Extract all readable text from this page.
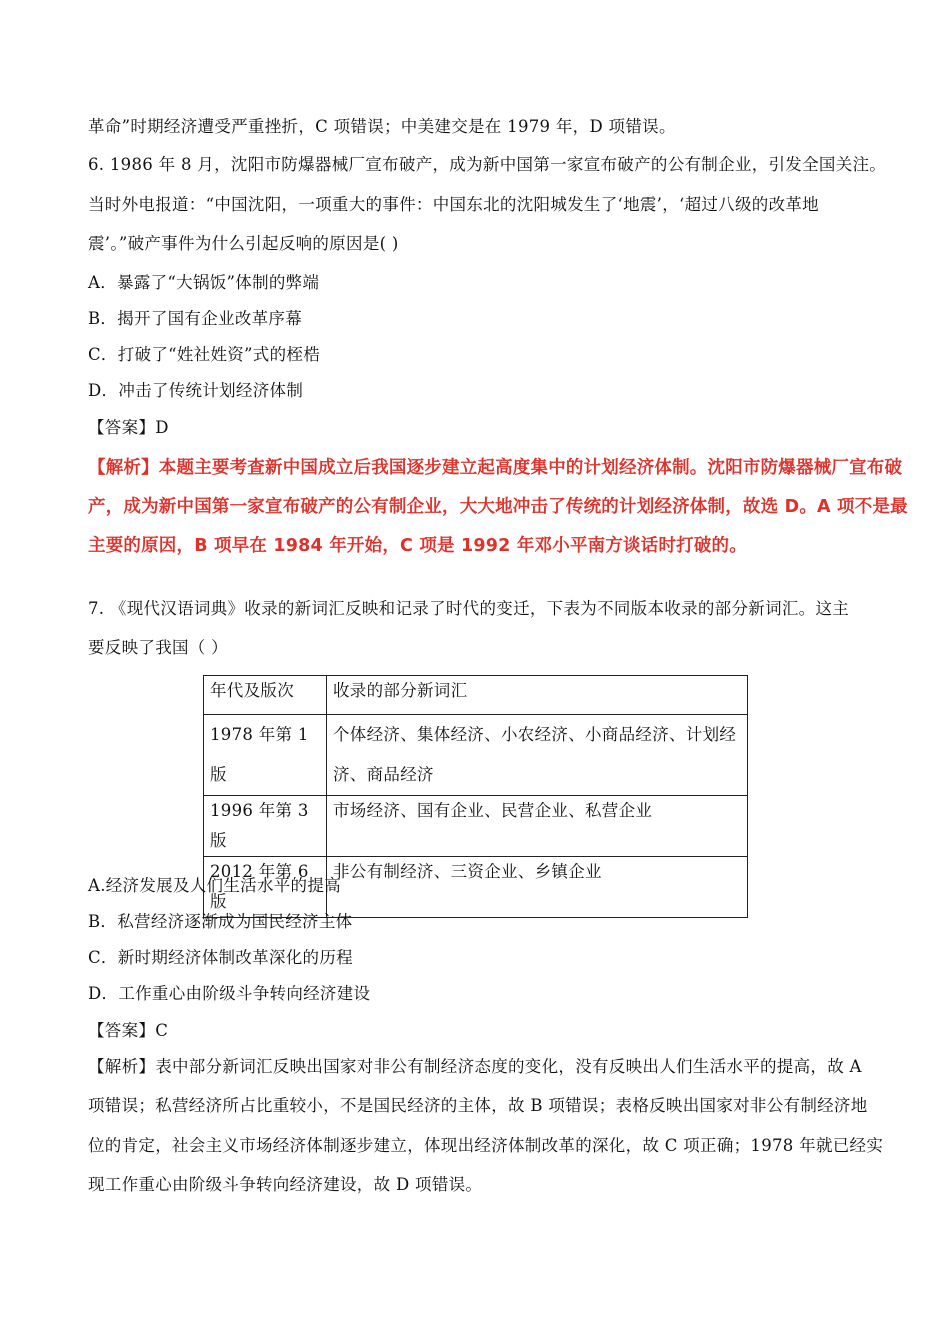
革命”时期经济遭受严重挫折，C 项错误；中美建交是在 1979 年，D 项错误。
6. 1986 年 8 月，沈阳市防爆器械厂宣布破产，成为新中国第一家宣布破产的公有制企业，引发全国关注。
当时外电报道：“中国沈阳，一项重大的事件：中国东北的沈阳城发生了‘地震’，‘超过八级的改革地
震’。”破产事件为什么引起反响的原因是( )
A．暴露了“大锅饭”体制的弊端
B．揭开了国有企业改革序幕
C．打破了“姓社姓资”式的桎梏
D．冲击了传统计划经济体制
【答案】D
【解析】本题主要考查新中国成立后我国逐步建立起高度集中的计划经济体制。沈阳市防爆器械厂宣布破
产，成为新中国第一家宣布破产的公有制企业，大大地冲击了传统的计划经济体制，故选 D。A 项不是最
主要的原因，B 项早在 1984 年开始，C 项是 1992 年邓小平南方谈话时打破的。
7. 《现代汉语词典》收录的新词汇反映和记录了时代的变迁，下表为不同版本收录的部分新词汇。这主
要反映了我国（ ）
年代及版次	收录的部分新词汇
1978 年第 1 版	个体经济、集体经济、小农经济、小商品经济、计划经济、商品经济
1996 年第 3 版	市场经济、国有企业、民营企业、私营企业
2012 年第 6 版	非公有制经济、三资企业、乡镇企业
A.经济发展及人们生活水平的提高
B．私营经济逐渐成为国民经济主体
C．新时期经济体制改革深化的历程
D．工作重心由阶级斗争转向经济建设
【答案】C
【解析】表中部分新词汇反映出国家对非公有制经济态度的变化，没有反映出人们生活水平的提高，故 A
项错误；私营经济所占比重较小，不是国民经济的主体，故 B 项错误；表格反映出国家对非公有制经济地
位的肯定，社会主义市场经济体制逐步建立，体现出经济体制改革的深化，故 C 项正确；1978 年就已经实
现工作重心由阶级斗争转向经济建设，故 D 项错误。
